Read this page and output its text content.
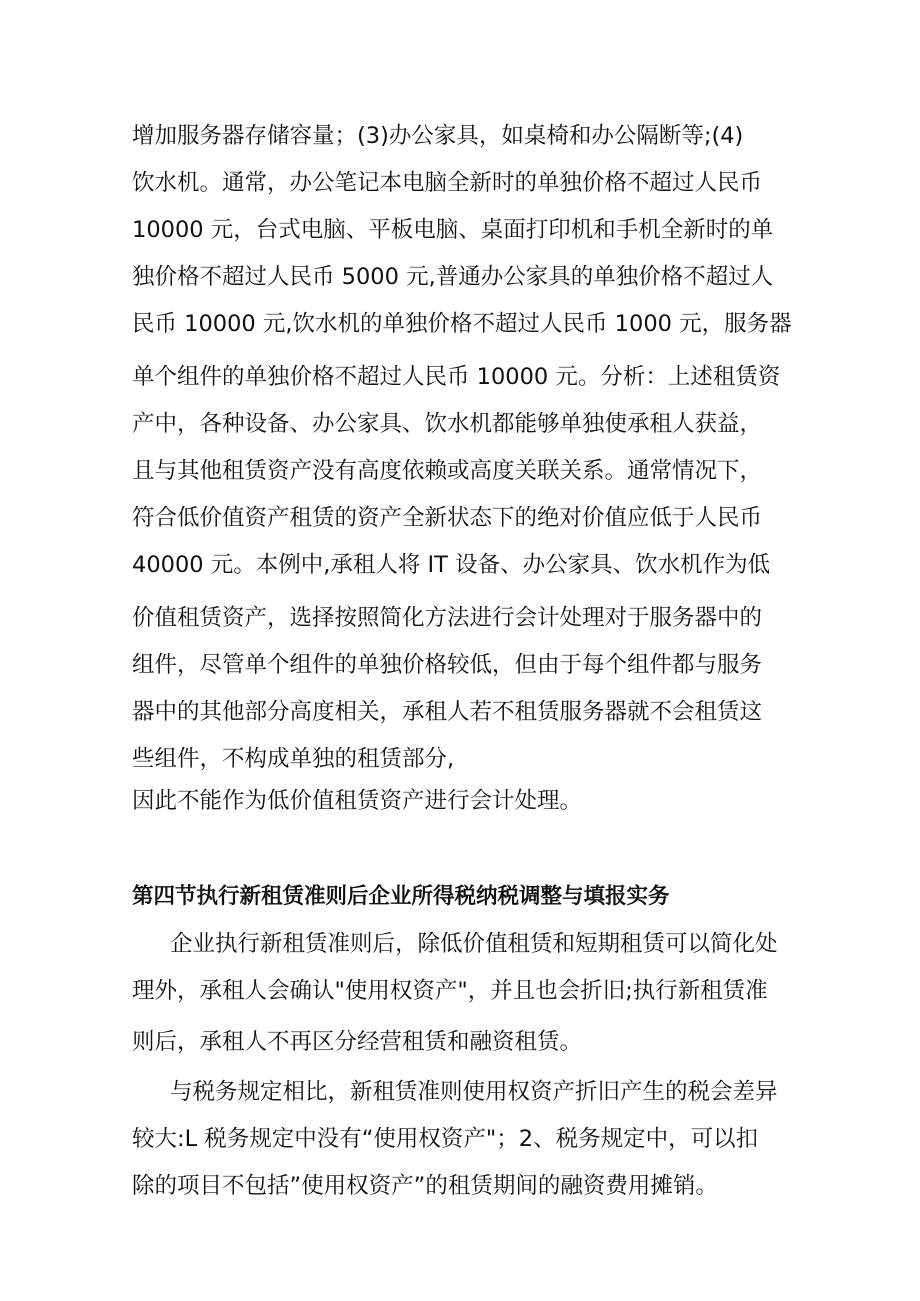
增加服务器存储容量；(3)办公家具，如桌椅和办公隔断等;(4)
饮水机。通常，办公笔记本电脑全新时的单独价格不超过人民币
10000 元，台式电脑、平板电脑、桌面打印机和手机全新时的单
独价格不超过人民币 5000 元,普通办公家具的单独价格不超过人
民币 10000 元,饮水机的单独价格不超过人民币 1000 元，服务器
单个组件的单独价格不超过人民币 10000 元。分析：上述租赁资
产中，各种设备、办公家具、饮水机都能够单独使承租人获益，
且与其他租赁资产没有高度依赖或高度关联关系。通常情况下，
符合低价值资产租赁的资产全新状态下的绝对价值应低于人民币
40000 元。本例中,承租人将 IT 设备、办公家具、饮水机作为低
价值租赁资产，选择按照简化方法进行会计处理对于服务器中的
组件，尽管单个组件的单独价格较低，但由于每个组件都与服务
器中的其他部分高度相关，承租人若不租赁服务器就不会租赁这
些组件，不构成单独的租赁部分,
因此不能作为低价值租赁资产进行会计处理。
第四节执行新租赁准则后企业所得税纳税调整与填报实务
企业执行新租赁准则后，除低价值租赁和短期租赁可以简化处
理外，承租人会确认"使用权资产"，并且也会折旧;执行新租赁准
则后，承租人不再区分经营租赁和融资租赁。
与税务规定相比，新租赁准则使用权资产折旧产生的税会差异
较大:L 税务规定中没有“使用权资产"；2、税务规定中，可以扣
除的项目不包括”使用权资产”的租赁期间的融资费用摊销。
